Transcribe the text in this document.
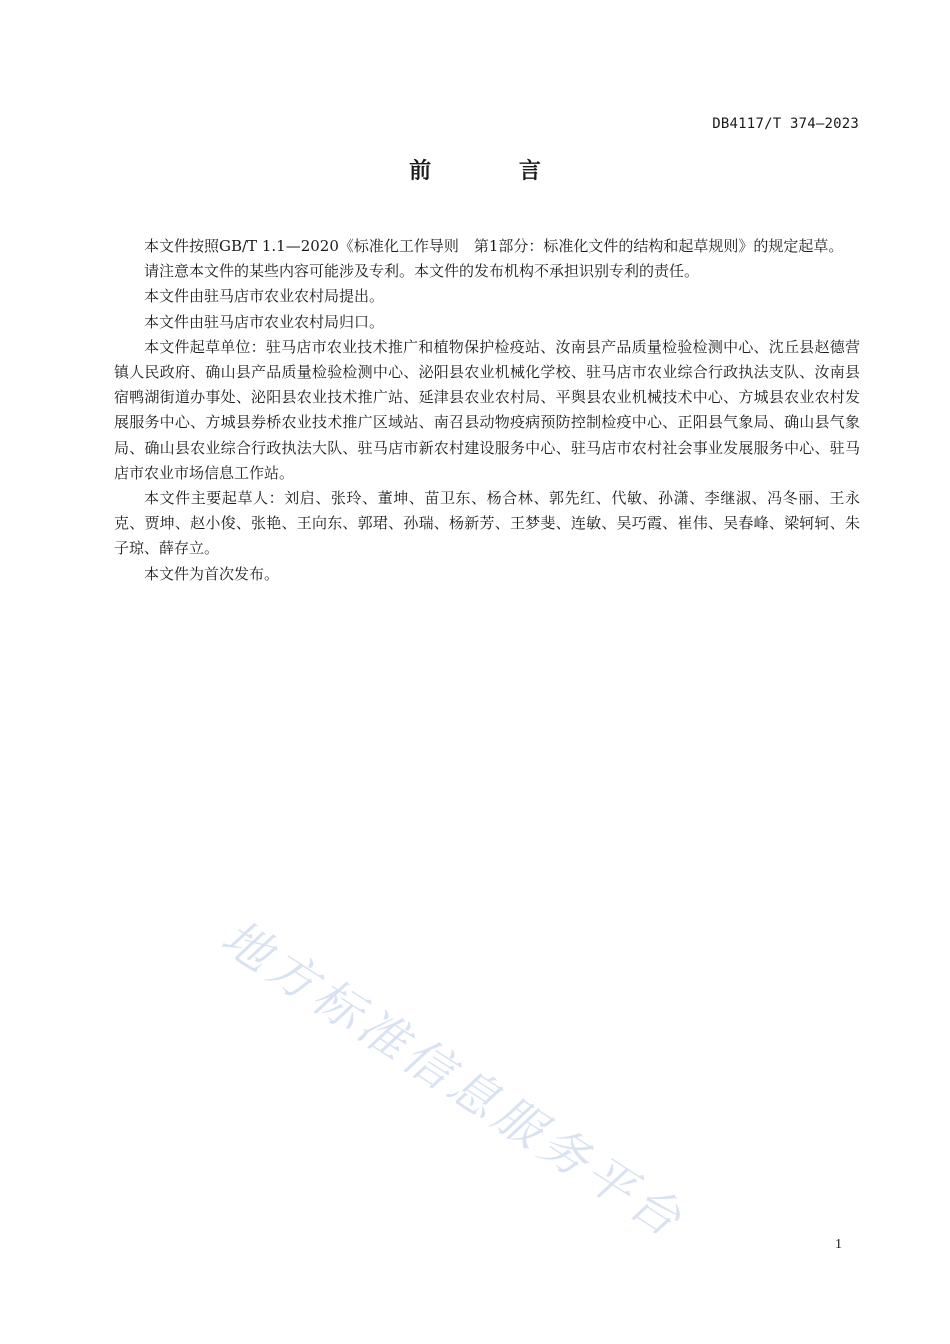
DB4117/T 374—2023
前 言

本文件按照GB/T 1.1—2020《标准化工作导则　第1部分：标准化文件的结构和起草规则》的规定起草。

请注意本文件的某些内容可能涉及专利。本文件的发布机构不承担识别专利的责任。

本文件由驻马店市农业农村局提出。

本文件由驻马店市农业农村局归口。

本文件起草单位：驻马店市农业技术推广和植物保护检疫站、汝南县产品质量检验检测中心、沈丘县赵德营镇人民政府、确山县产品质量检验检测中心、泌阳县农业机械化学校、驻马店市农业综合行政执法支队、汝南县宿鸭湖街道办事处、泌阳县农业技术推广站、延津县农业农村局、平舆县农业机械技术中心、方城县农业农村发展服务中心、方城县券桥农业技术推广区域站、南召县动物疫病预防控制检疫中心、正阳县气象局、确山县气象局、确山县农业综合行政执法大队、驻马店市新农村建设服务中心、驻马店市农村社会事业发展服务中心、驻马店市农业市场信息工作站。

本文件主要起草人：刘启、张玲、董坤、苗卫东、杨合林、郭先红、代敏、孙潇、李继淑、冯冬丽、王永克、贾坤、赵小俊、张艳、王向东、郭珺、孙瑞、杨新芳、王梦斐、连敏、吴巧霞、崔伟、吴春峰、梁轲轲、朱子琼、薛存立。

本文件为首次发布。

地方标准信息服务平台	1
